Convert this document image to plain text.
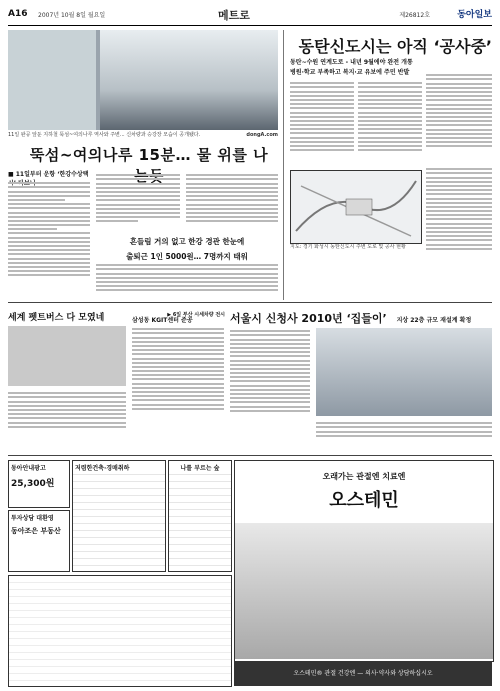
A16 2007년 10월 8일 월요일	메트로	제26812호	동아일보
11일 완공 앞둔 지하철 뚝섬~여의나루 역사와 주변... 신차량과 승강장 모습이 공개됐다.	dongA.com
뚝섬~여의나루 15분… 물 위를 나
■ 11일부터 운항 ‘한강수상택
흔들림 거의 없고 한강 경관 한눈에
출퇴근 1인 5000원… 7명까지 태워
동탄신도시는 아직 ‘공사중’
동탄~수원 연계도로 - 내년 9월에야 완전 개통
병원·학교 부족하고 복지·교 유보에 주민 반발
지도: 경기 화성시 동탄신도시 주변 도로 및 공사 현황
서울시 신청사 2010년 ‘집들이’ 지상 22층 규모 재설계 확정
세계 펫트버스 다 모였네	▶ 6일 부산 시세차량 전시
삼성동 KGIT센터 준공
동아안내광고
25,300원
투자상담 대환영
동아조은 부동산
저렴한건축·경매취하	나를 부르는 숲
오래가는 관절엔 치료엔
오스테민
오스테민® 관절 건강엔 — 의사·약사와 상담하십시오
